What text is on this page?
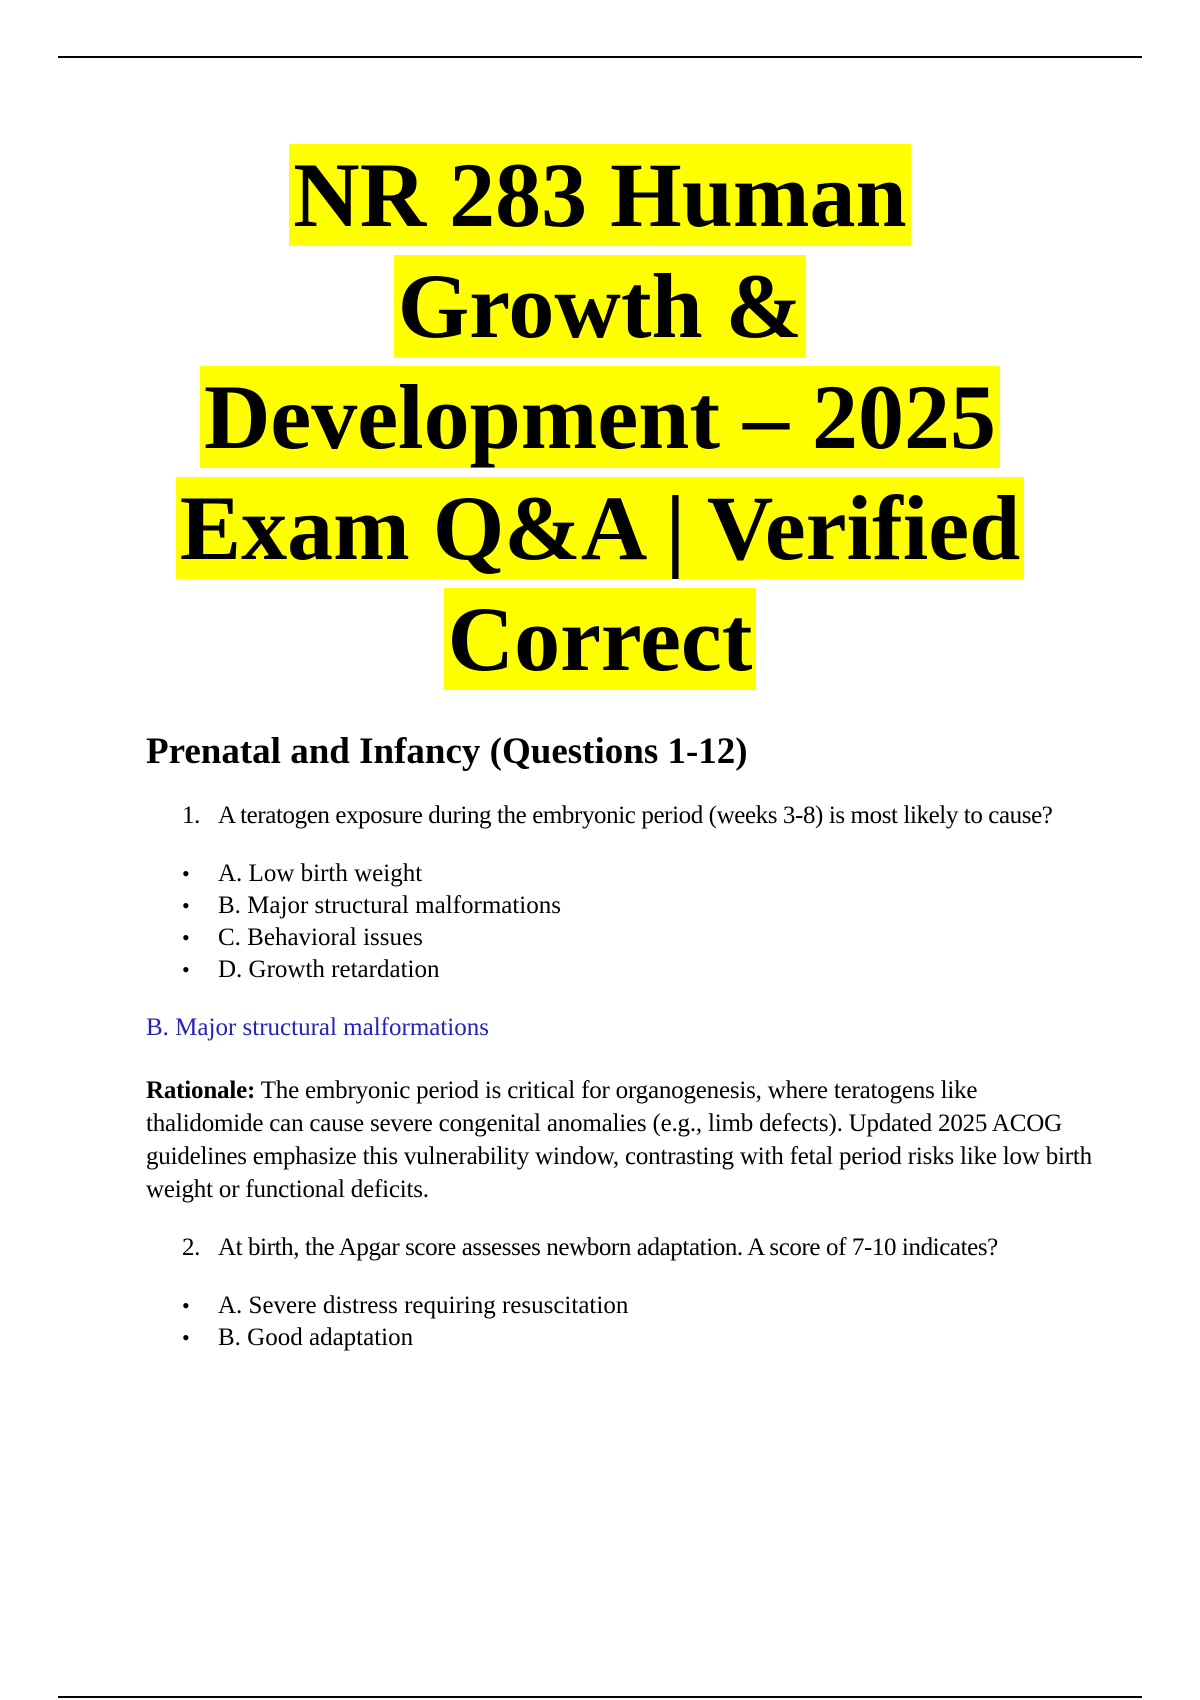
NR 283 Human
Growth &
Development – 2025
Exam Q&A | Verified
Correct
Prenatal and Infancy (Questions 1-12)
1. A teratogen exposure during the embryonic period (weeks 3-8) is most likely to cause?
• A. Low birth weight
• B. Major structural malformations
• C. Behavioral issues
• D. Growth retardation

B. Major structural malformations

Rationale: The embryonic period is critical for organogenesis, where teratogens like thalidomide can cause severe congenital anomalies (e.g., limb defects). Updated 2025 ACOG guidelines emphasize this vulnerability window, contrasting with fetal period risks like low birth weight or functional deficits.

2. At birth, the Apgar score assesses newborn adaptation. A score of 7-10 indicates?
• A. Severe distress requiring resuscitation
• B. Good adaptation
